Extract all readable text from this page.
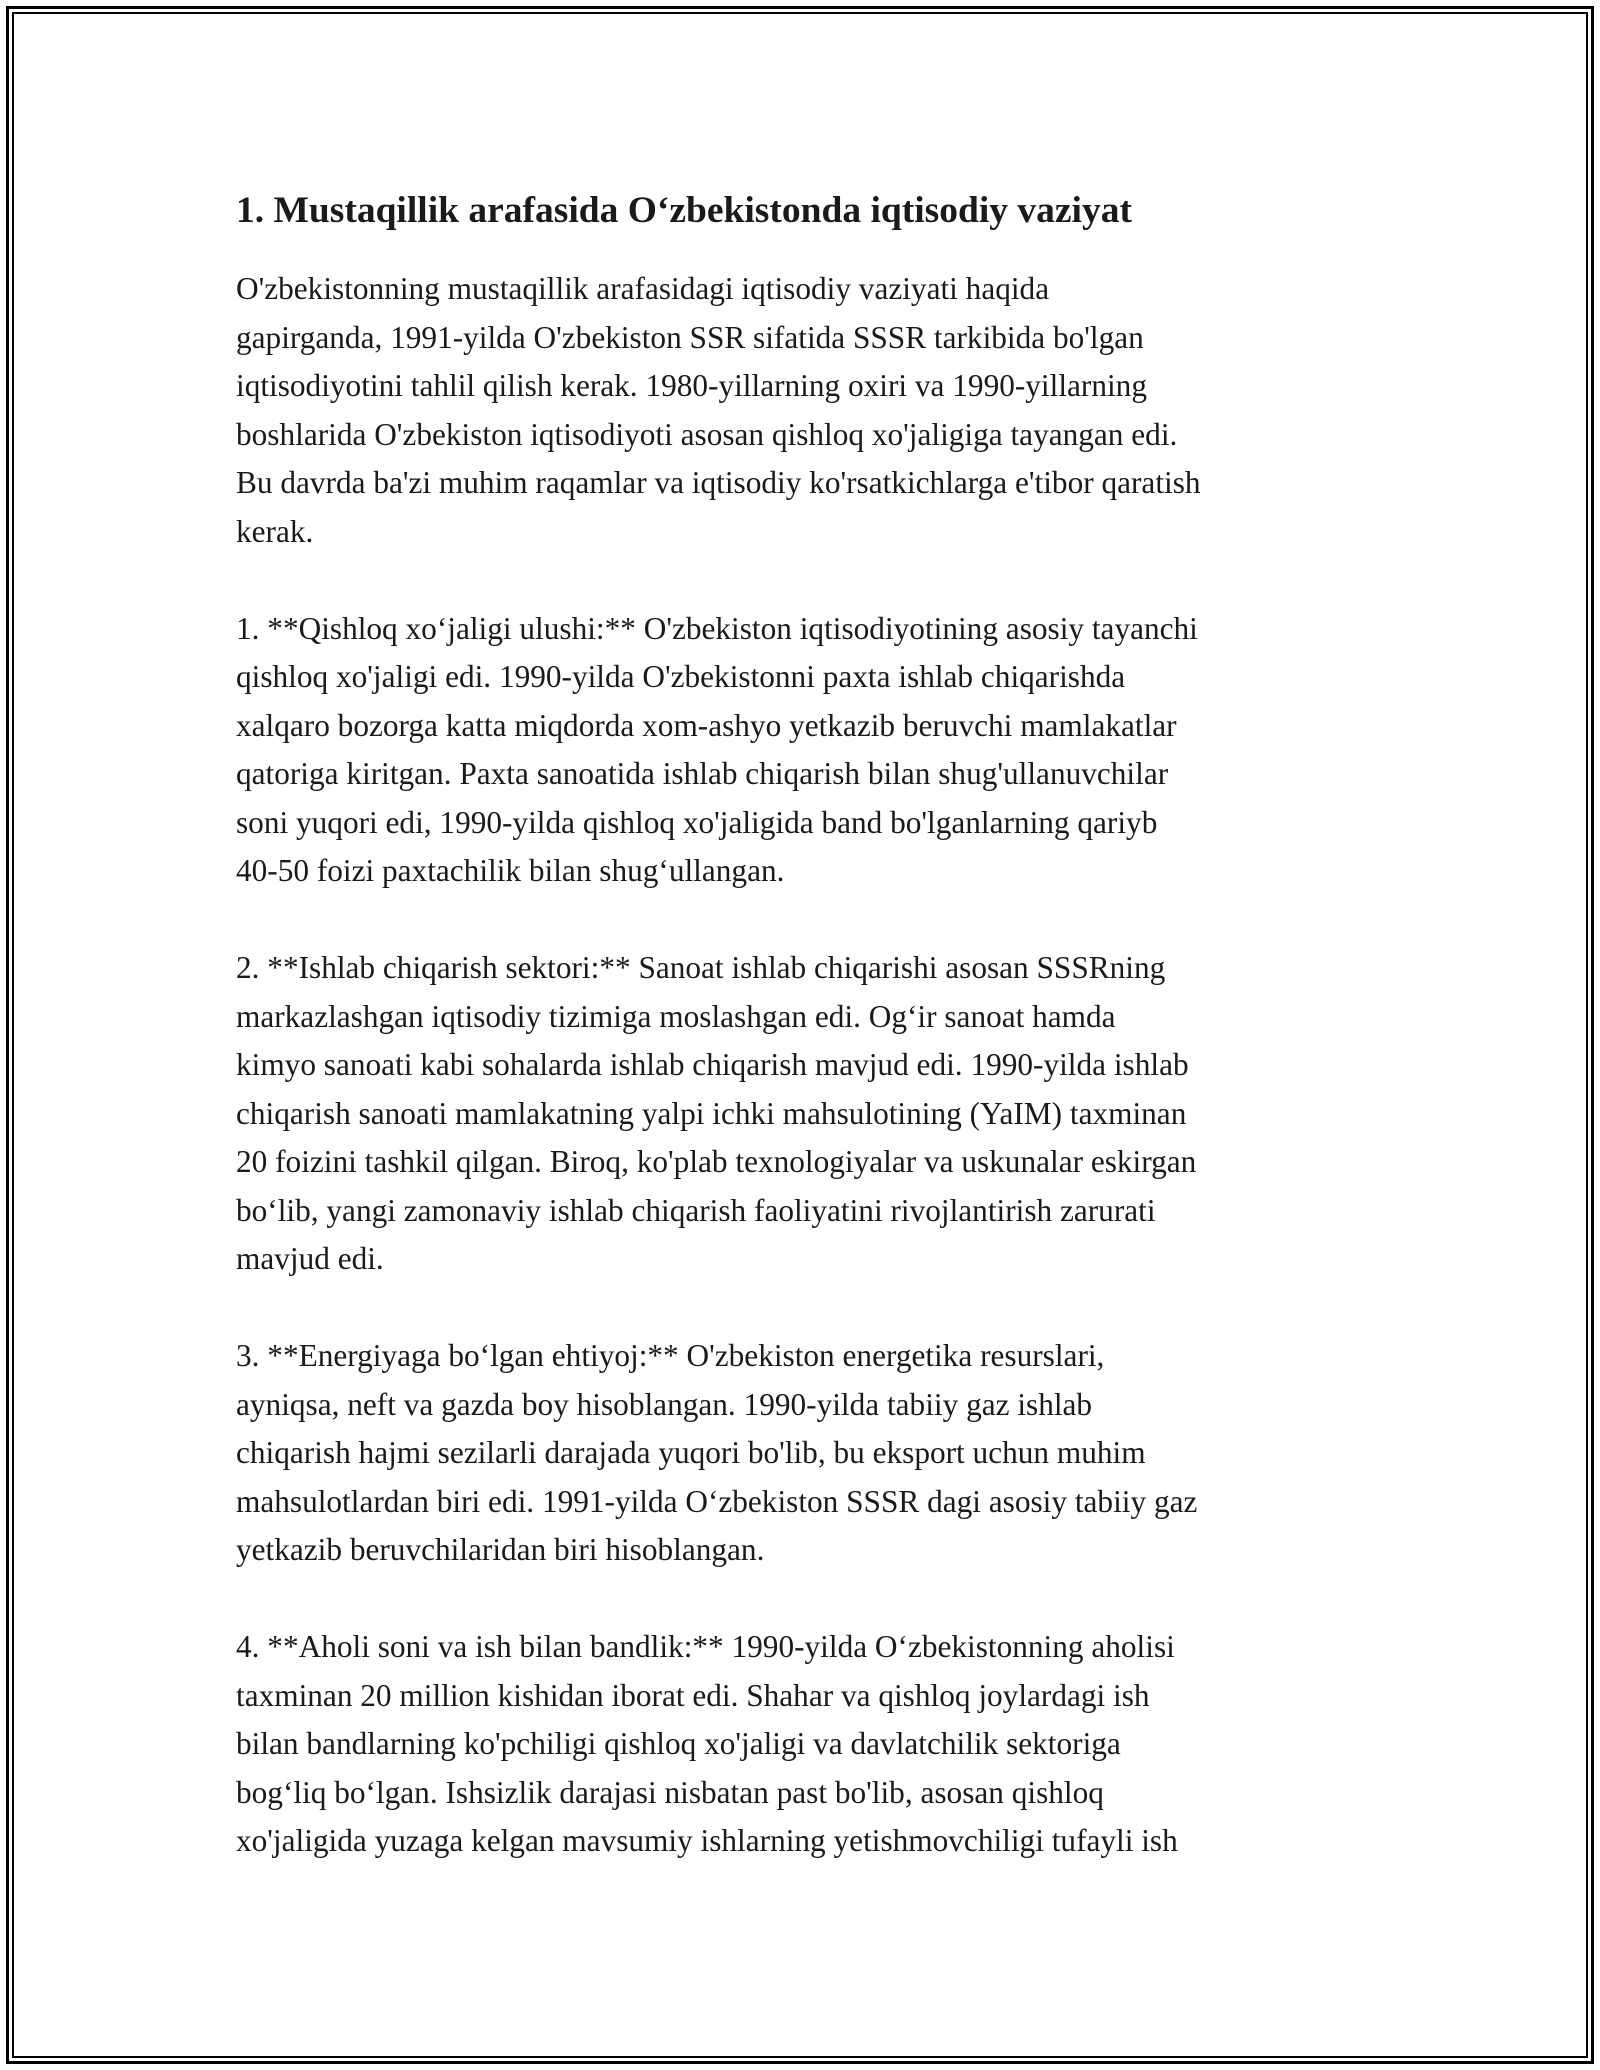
1. Mustaqillik arafasida O‘zbekistonda iqtisodiy vaziyat

O'zbekistonning mustaqillik arafasidagi iqtisodiy vaziyati haqida
gapirganda, 1991-yilda O'zbekiston SSR sifatida SSSR tarkibida bo'lgan
iqtisodiyotini tahlil qilish kerak. 1980-yillarning oxiri va 1990-yillarning
boshlarida O'zbekiston iqtisodiyoti asosan qishloq xo'jaligiga tayangan edi.
Bu davrda ba'zi muhim raqamlar va iqtisodiy ko'rsatkichlarga e'tibor qaratish
kerak.

1. **Qishloq xo‘jaligi ulushi:** O'zbekiston iqtisodiyotining asosiy tayanchi
qishloq xo'jaligi edi. 1990-yilda O'zbekistonni paxta ishlab chiqarishda
xalqaro bozorga katta miqdorda xom-ashyo yetkazib beruvchi mamlakatlar
qatoriga kiritgan. Paxta sanoatida ishlab chiqarish bilan shug'ullanuvchilar
soni yuqori edi, 1990-yilda qishloq xo'jaligida band bo'lganlarning qariyb
40-50 foizi paxtachilik bilan shug‘ullangan.

2. **Ishlab chiqarish sektori:** Sanoat ishlab chiqarishi asosan SSSRning
markazlashgan iqtisodiy tizimiga moslashgan edi. Og‘ir sanoat hamda
kimyo sanoati kabi sohalarda ishlab chiqarish mavjud edi. 1990-yilda ishlab
chiqarish sanoati mamlakatning yalpi ichki mahsulotining (YaIM) taxminan
20 foizini tashkil qilgan. Biroq, ko'plab texnologiyalar va uskunalar eskirgan
bo‘lib, yangi zamonaviy ishlab chiqarish faoliyatini rivojlantirish zarurati
mavjud edi.

3. **Energiyaga bo‘lgan ehtiyoj:** O'zbekiston energetika resurslari,
ayniqsa, neft va gazda boy hisoblangan. 1990-yilda tabiiy gaz ishlab
chiqarish hajmi sezilarli darajada yuqori bo'lib, bu eksport uchun muhim
mahsulotlardan biri edi. 1991-yilda O‘zbekiston SSSR dagi asosiy tabiiy gaz
yetkazib beruvchilaridan biri hisoblangan.

4. **Aholi soni va ish bilan bandlik:** 1990-yilda O‘zbekistonning aholisi
taxminan 20 million kishidan iborat edi. Shahar va qishloq joylardagi ish
bilan bandlarning ko'pchiligi qishloq xo'jaligi va davlatchilik sektoriga
bog‘liq bo‘lgan. Ishsizlik darajasi nisbatan past bo'lib, asosan qishloq
xo'jaligida yuzaga kelgan mavsumiy ishlarning yetishmovchiligi tufayli ish
